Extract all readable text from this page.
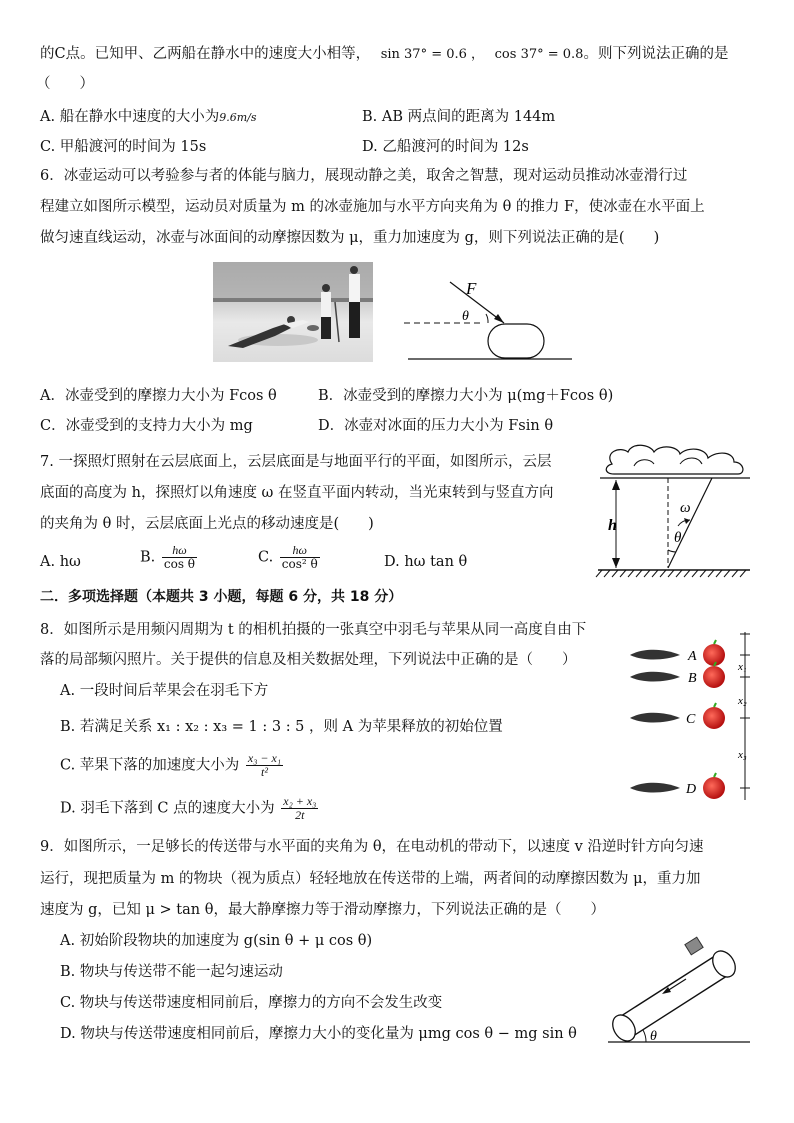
的C点。已知甲、乙两船在静水中的速度大小相等， sin 37° = 0.6 ， cos 37° = 0.8。则下列说法正确的是
（　　）
A. 船在静水中速度的大小为9.6m/s	B. AB 两点间的距离为 144m
C. 甲船渡河的时间为 15s	D. 乙船渡河的时间为 12s
6．冰壶运动可以考验参与者的体能与脑力，展现动静之美，取舍之智慧，现对运动员推动冰壶滑行过
程建立如图所示模型，运动员对质量为 m 的冰壶施加与水平方向夹角为 θ 的推力 F，使冰壶在水平面上
做匀速直线运动，冰壶与冰面间的动摩擦因数为 μ，重力加速度为 g，则下列说法正确的是(　　)
F
θ
A．冰壶受到的摩擦力大小为 Fcos θ	B．冰壶受到的摩擦力大小为 μ(mg＋Fcos θ)
C．冰壶受到的支持力大小为 mg	D．冰壶对冰面的压力大小为 Fsin θ
7. 一探照灯照射在云层底面上，云层底面是与地面平行的平面，如图所示，云层
底面的高度为 h，探照灯以角速度 ω 在竖直平面内转动，当光束转到与竖直方向
的夹角为 θ 时，云层底面上光点的移动速度是(　　)
A. hω	B. $\frac{h\omega}{\text{cos θ}}$	C. $\frac{h\omega}{\text{cos² θ}}$	D. hω tan θ
h
ω
θ
二．多项选择题（本题共 3 小题，每题 6 分，共 18 分）
8．如图所示是用频闪周期为 t 的相机拍摄的一张真空中羽毛与苹果从同一高度自由下
落的局部频闪照片。关于提供的信息及相关数据处理，下列说法中正确的是（　　）
A. 一段时间后苹果会在羽毛下方
B. 若满足关系 x₁ : x₂ : x₃ = 1 : 3 : 5 ，则 A 为苹果释放的初始位置
C. 苹果下落的加速度大小为 $\frac{\text{x₃ − x₁}}{\text{t²}}$
D. 羽毛下落到 C 点的速度大小为 $\frac{\text{x₂ + x₃}}{2t}$
A
B
C
D
x₁
x₂
x₃
9．如图所示，一足够长的传送带与水平面的夹角为 θ，在电动机的带动下，以速度 v 沿逆时针方向匀速
运行，现把质量为 m 的物块（视为质点）轻轻地放在传送带的上端，两者间的动摩擦因数为 μ，重力加
速度为 g，已知 μ > tan θ，最大静摩擦力等于滑动摩擦力，下列说法正确的是（　　）
A. 初始阶段物块的加速度为 g(sin θ + μ cos θ)
B. 物块与传送带不能一起匀速运动
C. 物块与传送带速度相同前后，摩擦力的方向不会发生改变
D. 物块与传送带速度相同前后，摩擦力大小的变化量为 μmg cos θ − mg sin θ	θ
